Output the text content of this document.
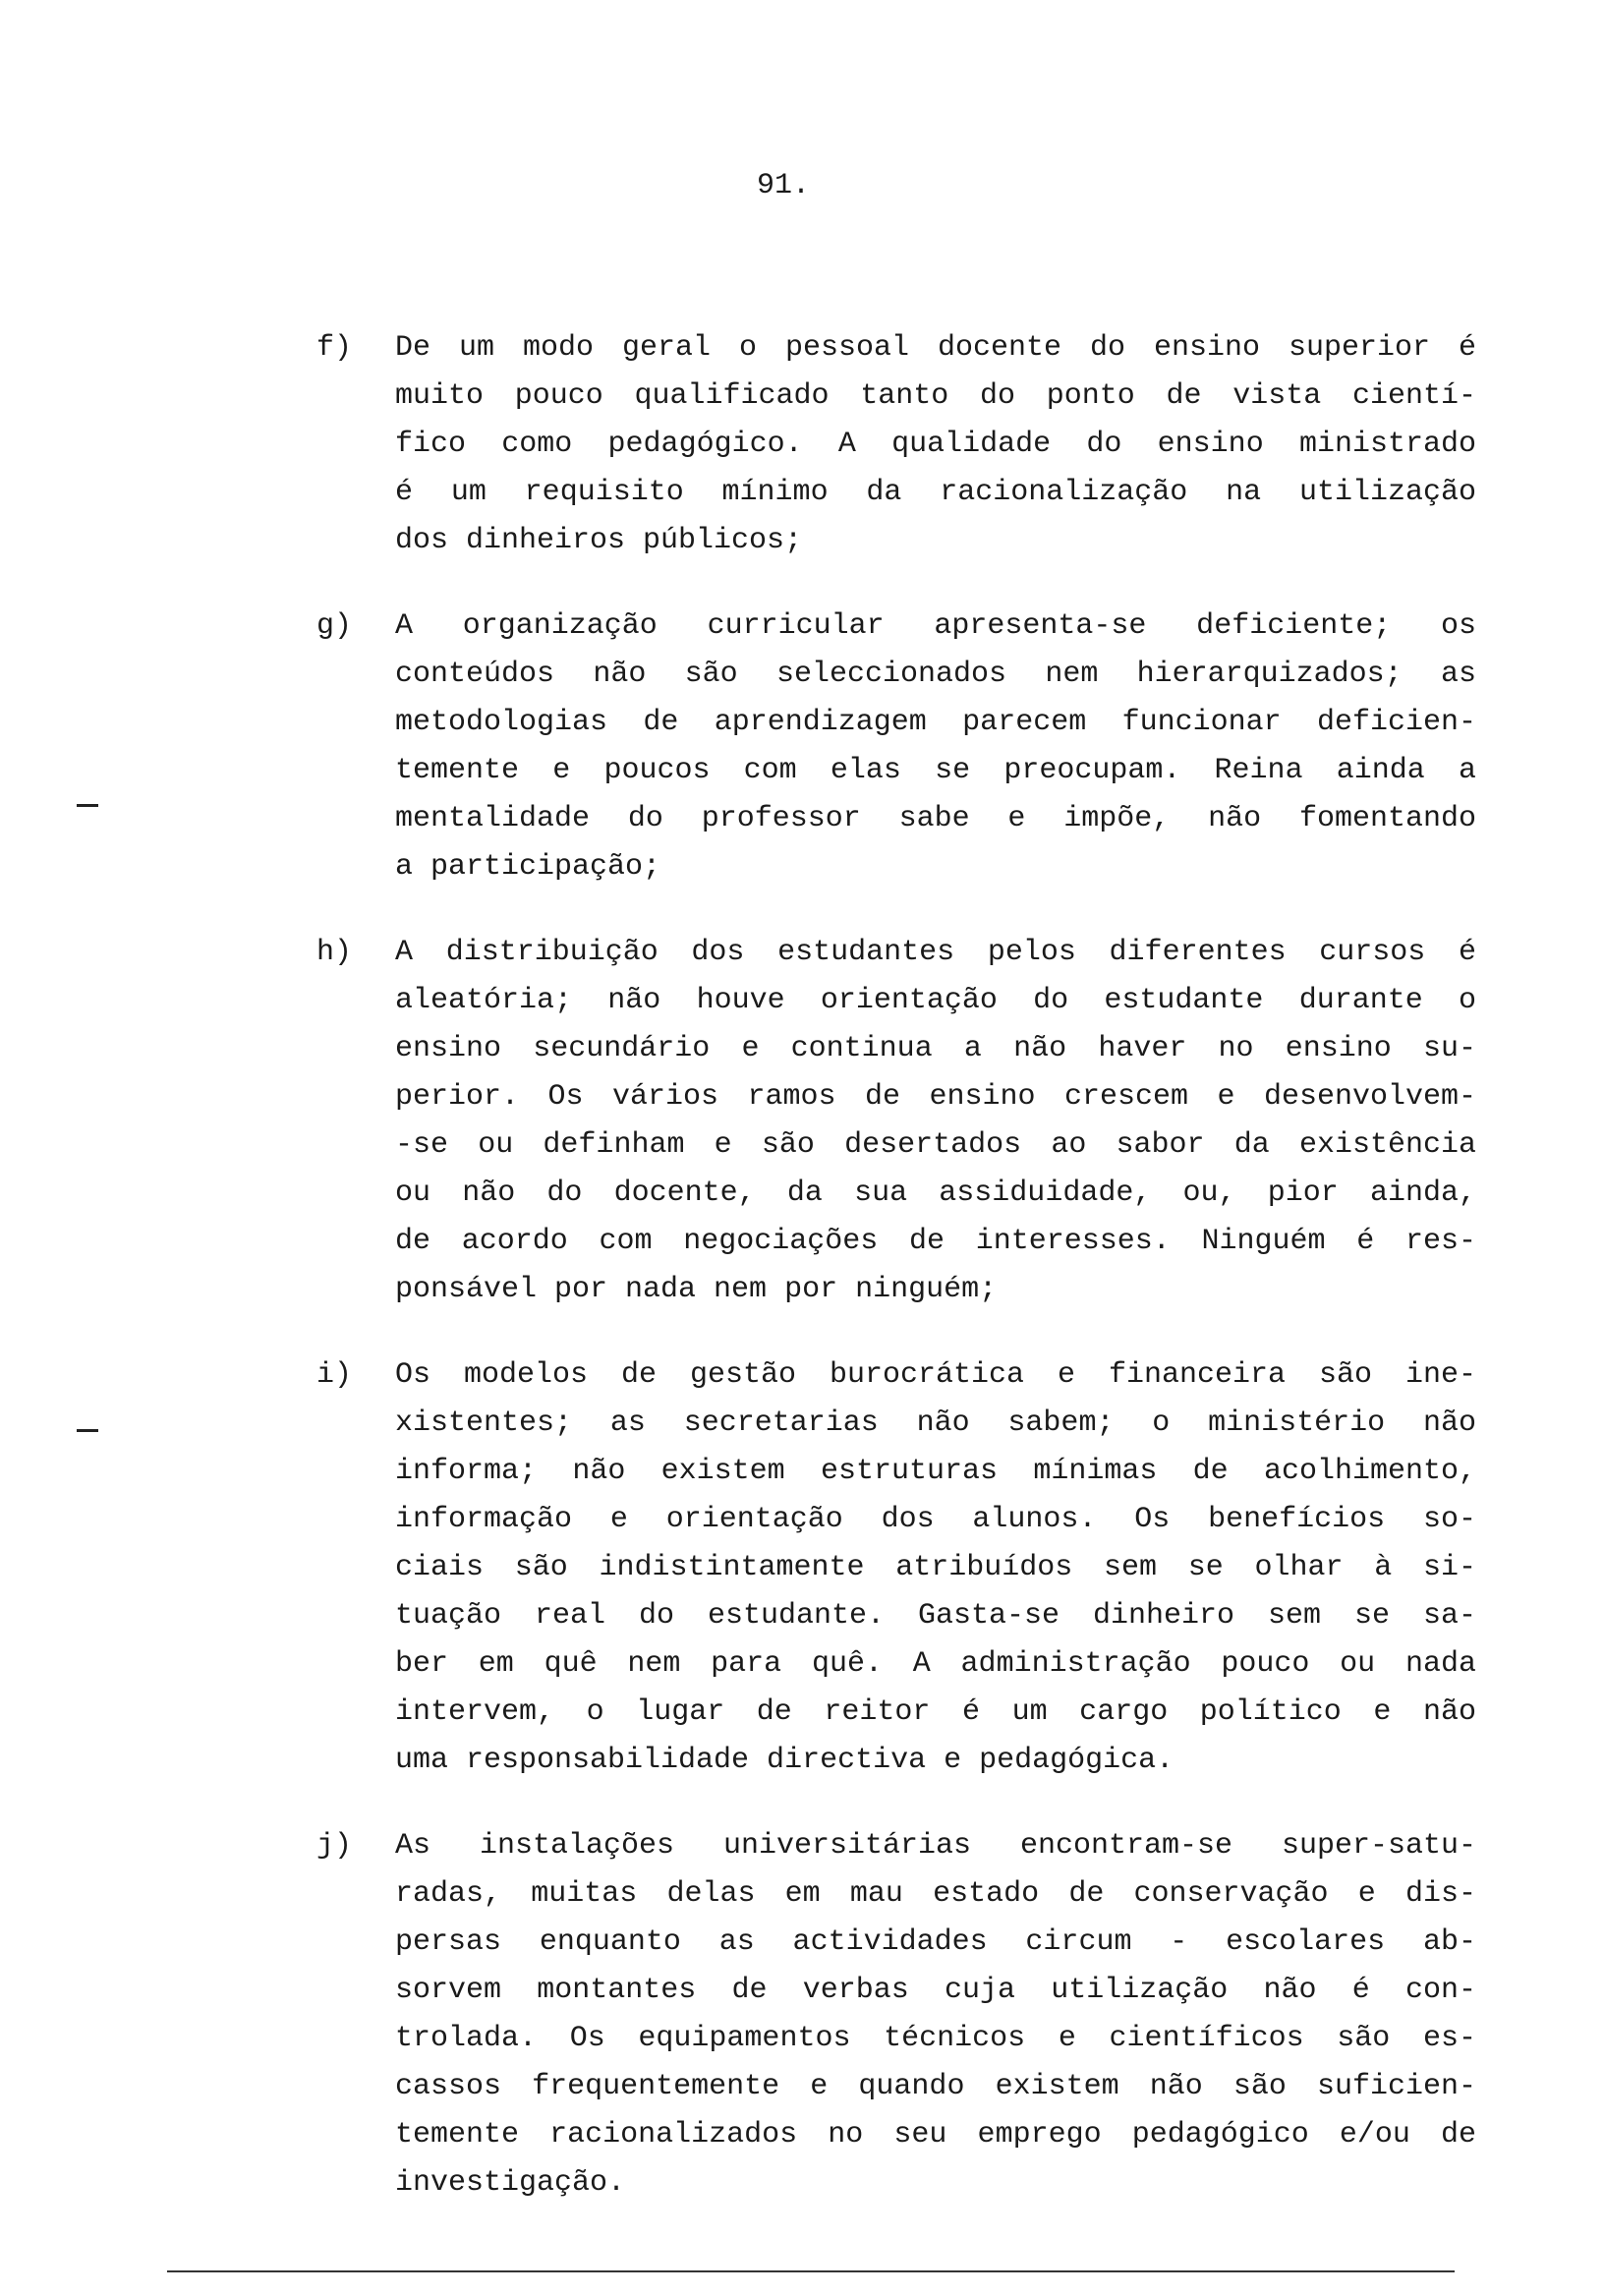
91.
f) De um modo geral o pessoal docente do ensino superior é
muito pouco qualificado tanto do ponto de vista cientí-
fico como pedagógico. A qualidade do ensino ministrado
é um requisito mínimo da racionalização na utilização
dos dinheiros públicos;
g) A organização curricular apresenta-se deficiente; os
conteúdos não são seleccionados nem hierarquizados; as
metodologias de aprendizagem parecem funcionar deficien-
temente e poucos com elas se preocupam. Reina ainda a
mentalidade do professor sabe e impõe, não fomentando
a participação;
h) A distribuição dos estudantes pelos diferentes cursos é
aleatória; não houve orientação do estudante durante o
ensino secundário e continua a não haver no ensino su-
perior. Os vários ramos de ensino crescem e desenvolvem-
-se ou definham e são desertados ao sabor da existência
ou não do docente, da sua assiduidade, ou, pior ainda,
de acordo com negociações de interesses. Ninguém é res-
ponsável por nada nem por ninguém;
i) Os modelos de gestão burocrática e financeira são ine-
xistentes; as secretarias não sabem; o ministério não
informa; não existem estruturas mínimas de acolhimento,
informação e orientação dos alunos. Os benefícios so-
ciais são indistintamente atribuídos sem se olhar à si-
tuação real do estudante. Gasta-se dinheiro sem se sa-
ber em quê nem para quê. A administração pouco ou nada
intervem, o lugar de reitor é um cargo político e não
uma responsabilidade directiva e pedagógica.
j) As instalações universitárias encontram-se super-satu-
radas, muitas delas em mau estado de conservação e dis-
persas enquanto as actividades circum - escolares ab-
sorvem montantes de verbas cuja utilização não é con-
trolada. Os equipamentos técnicos e científicos são es-
cassos frequentemente e quando existem não são suficien-
temente racionalizados no seu emprego pedagógico e/ou de
investigação.
